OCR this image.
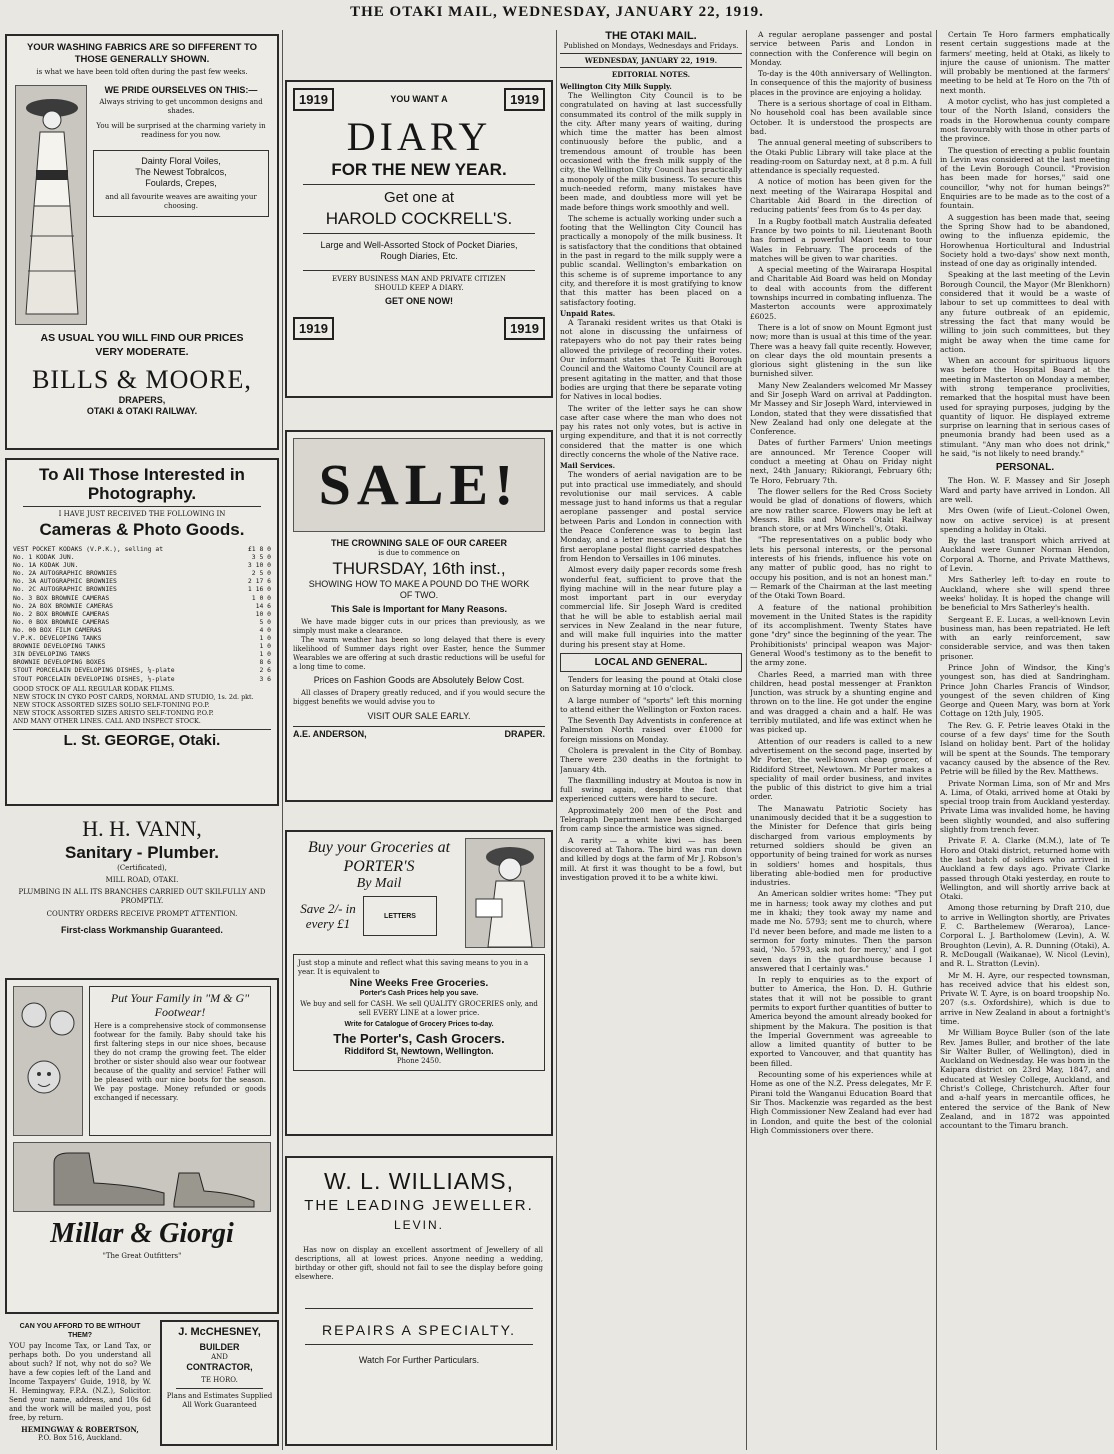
THE OTAKI MAIL, WEDNESDAY, JANUARY 22, 1919.
YOUR WASHING FABRICS ARE SO DIFFERENT TO THOSE GENERALLY SHOWN.
is what we have been told often during the past few weeks.
WE PRIDE OURSELVES ON THIS:—
Always striving to get uncommon designs and shades.
You will be surprised at the charming variety in readiness for you now.
Dainty Floral Voiles,
The Newest Tobralcos,
Foulards, Crepes,
and all favourite weaves are awaiting your choosing.
AS USUAL YOU WILL FIND OUR PRICES VERY MODERATE.
BILLS & MOORE,
DRAPERS,
OTAKI & OTAKI RAILWAY.
To All Those Interested in Photography.
I HAVE JUST RECEIVED THE FOLLOWING IN
Cameras & Photo Goods.
VEST POCKET KODAKS (V.P.K.), selling at	£1 8 0
No. 1 KODAK JUN.	3 5 0
No. 1A KODAK JUN.	3 10 0
No. 2A AUTOGRAPHIC BROWNIES	2 5 0
No. 3A AUTOGRAPHIC BROWNIES	2 17 6
No. 2C AUTOGRAPHIC BROWNIES	1 16 0
No. 3 BOX BROWNIE CAMERAS	1 0 0
No. 2A BOX BROWNIE CAMERAS	14 6
No. 2 BOX BROWNIE CAMERAS	10 0
No. 0 BOX BROWNIE CAMERAS	5 0
No. 00 BOX FILM CAMERAS	4 0
V.P.K. DEVELOPING TANKS	1 0
BROWNIE DEVELOPING TANKS	1 0
3IN DEVELOPING TANKS	1 0
BROWNIE DEVELOPING BOXES	8 6
STOUT PORCELAIN DEVELOPING DISHES, ¼-plate	2 6
STOUT PORCELAIN DEVELOPING DISHES, ½-plate	3 6
GOOD STOCK OF ALL REGULAR KODAK FILMS.
NEW STOCK IN CYKO POST CARDS, NORMAL AND STUDIO, 1s. 2d. pkt.
NEW STOCK ASSORTED SIZES SOLIO SELF-TONING P.O.P.
NEW STOCK ASSORTED SIZES ARISTO SELF-TONING P.O.P.
AND MANY OTHER LINES. CALL AND INSPECT STOCK.
L. St. GEORGE, Otaki.
H. H. VANN,
Sanitary - Plumber.
(Certificated),
MILL ROAD, OTAKI.
PLUMBING IN ALL ITS BRANCHES CARRIED OUT SKILFULLY AND PROMPTLY.
COUNTRY ORDERS RECEIVE PROMPT ATTENTION.
First-class Workmanship Guaranteed.
Put Your Family in "M & G" Footwear!
Here is a comprehensive stock of commonsense footwear for the family. Baby should take his first faltering steps in our nice shoes, because they do not cramp the growing feet. The elder brother or sister should also wear our footwear because of the quality and service! Father will be pleased with our nice boots for the season. We pay postage. Money refunded or goods exchanged if necessary.
Millar & Giorgi
"The Great Outfitters"
CAN YOU AFFORD TO BE WITHOUT THEM?
YOU pay Income Tax, or Land Tax, or perhaps both. Do you understand all about such? If not, why not do so? We have a few copies left of the Land and Income Taxpayers' Guide, 1918, by W. H. Hemingway, F.P.A. (N.Z.), Solicitor. Send your name, address, and 10s 6d and the work will be mailed you, post free, by return.
HEMINGWAY & ROBERTSON,
P.O. Box 516, Auckland.
J. McCHESNEY,
BUILDER
AND
CONTRACTOR,
TE HORO.
Plans and Estimates Supplied
All Work Guaranteed
1919	YOU WANT A	1919
DIARY
FOR THE NEW YEAR.
Get one at
HAROLD COCKRELL'S.
Large and Well-Assorted Stock of Pocket Diaries, Rough Diaries, Etc.
EVERY BUSINESS MAN AND PRIVATE CITIZEN SHOULD KEEP A DIARY.
GET ONE NOW!
1919	1919
SALE!
THE CROWNING SALE OF OUR CAREER
is due to commence on
THURSDAY, 16th inst.,
SHOWING HOW TO MAKE A POUND DO THE WORK OF TWO.
This Sale is Important for Many Reasons.
We have made bigger cuts in our prices than previously, as we simply must make a clearance.
The warm weather has been so long delayed that there is every likelihood of Summer days right over Easter, hence the Summer Wearables we are offering at such drastic reductions will be useful for a long time to come.
Prices on Fashion Goods are Absolutely Below Cost.
All classes of Drapery greatly reduced, and if you would secure the biggest benefits we would advise you to
VISIT OUR SALE EARLY.
A.E. ANDERSON,	DRAPER.
Buy your Groceries at PORTER'S
By Mail
Save 2/- in every £1	LETTERS
Just stop a minute and reflect what this saving means to you in a year. It is equivalent to
Nine Weeks Free Groceries.
Porter's Cash Prices help you save.
We buy and sell for CASH. We sell QUALITY GROCERIES only, and sell EVERY LINE at a lower price.
Write for Catalogue of Grocery Prices to-day.
The Porter's, Cash Grocers.
Riddiford St, Newtown, Wellington.
Phone 2450.
W. L. WILLIAMS,
THE LEADING JEWELLER.
LEVIN.
Has now on display an excellent assortment of Jewellery of all descriptions, all at lowest prices. Anyone needing a wedding, birthday or other gift, should not fail to see the display before going elsewhere.
REPAIRS A SPECIALTY.
Watch For Further Particulars.
THE OTAKI MAIL.
Published on Mondays, Wednesdays and Fridays.
WEDNESDAY, JANUARY 22, 1919.
EDITORIAL NOTES.
Wellington City Milk Supply.

The Wellington City Council is to be congratulated on having at last successfully consummated its control of the milk supply in the city. After many years of waiting, during which time the matter has been almost continuously before the public, and a tremendous amount of trouble has been occasioned with the fresh milk supply of the city, the Wellington City Council has practically a monopoly of the milk business. To secure this much-needed reform, many mistakes have been made, and doubtless more will yet be made before things work smoothly and well.

The scheme is actually working under such a footing that the Wellington City Council has practically a monopoly of the milk business. It is satisfactory that the conditions that obtained in the past in regard to the milk supply were a public scandal. Wellington's embarkation on this scheme is of supreme importance to any city, and therefore it is most gratifying to know that this matter has been placed on a satisfactory footing.

Unpaid Rates.

A Taranaki resident writes us that Otaki is not alone in discussing the unfairness of ratepayers who do not pay their rates being allowed the privilege of recording their votes. Our informant states that Te Kuiti Borough Council and the Waitomo County Council are at present agitating in the matter, and that those bodies are urging that there be separate voting for Natives in local bodies.

The writer of the letter says he can show case after case where the man who does not pay his rates not only votes, but is active in urging expenditure, and that it is not correctly considered that the matter is one which directly concerns the whole of the Native race.

Mail Services.

The wonders of aerial navigation are to be put into practical use immediately, and should revolutionise our mail services. A cable message just to hand informs us that a regular aeroplane passenger and postal service between Paris and London in connection with the Peace Conference was to begin last Monday, and a letter message states that the first aeroplane postal flight carried despatches from Hendon to Versailles in 106 minutes.

Almost every daily paper records some fresh wonderful feat, sufficient to prove that the flying machine will in the near future play a most important part in our everyday commercial life. Sir Joseph Ward is credited that he will be able to establish aerial mail services in New Zealand in the near future, and will make full inquiries into the matter during his present stay at Home.

LOCAL AND GENERAL.

Tenders for leasing the pound at Otaki close on Saturday morning at 10 o'clock.

A large number of "sports" left this morning to attend either the Wellington or Foxton races.

The Seventh Day Adventists in conference at Palmerston North raised over £1000 for foreign missions on Monday.

Cholera is prevalent in the City of Bombay. There were 230 deaths in the fortnight to January 4th.

The flaxmilling industry at Moutoa is now in full swing again, despite the fact that experienced cutters were hard to secure.

Approximately 200 men of the Post and Telegraph Department have been discharged from camp since the armistice was signed.

A rarity — a white kiwi — has been discovered at Tahora. The bird was run down and killed by dogs at the farm of Mr J. Robson's mill. At first it was thought to be a fowl, but investigation proved it to be a white kiwi.

A regular aeroplane passenger and postal service between Paris and London in connection with the Conference will begin on Monday.

To-day is the 40th anniversary of Wellington. In consequence of this the majority of business places in the province are enjoying a holiday.

There is a serious shortage of coal in Eltham. No household coal has been available since October. It is understood the prospects are bad.

The annual general meeting of subscribers to the Otaki Public Library will take place at the reading-room on Saturday next, at 8 p.m. A full attendance is specially requested.

A notice of motion has been given for the next meeting of the Wairarapa Hospital and Charitable Aid Board in the direction of reducing patients' fees from 6s to 4s per day.

In a Rugby football match Australia defeated France by two points to nil. Lieutenant Booth has formed a powerful Maori team to tour Wales in February. The proceeds of the matches will be given to war charities.

A special meeting of the Wairarapa Hospital and Charitable Aid Board was held on Monday to deal with accounts from the different townships incurred in combating influenza. The Masterton accounts were approximately £6025.

There is a lot of snow on Mount Egmont just now; more than is usual at this time of the year. There was a heavy fall quite recently. However, on clear days the old mountain presents a glorious sight glistening in the sun like burnished silver.

Many New Zealanders welcomed Mr Massey and Sir Joseph Ward on arrival at Paddington. Mr Massey and Sir Joseph Ward, interviewed in London, stated that they were dissatisfied that New Zealand had only one delegate at the Conference.

Dates of further Farmers' Union meetings are announced. Mr Terence Cooper will conduct a meeting at Ohau on Friday night next, 24th January; Rikiorangi, February 6th; Te Horo, February 7th.

The flower sellers for the Red Cross Society would be glad of donations of flowers, which are now rather scarce. Flowers may be left at Messrs. Bills and Moore's Otaki Railway branch store, or at Mrs Winchell's, Otaki.

"The representatives on a public body who lets his personal interests, or the personal interests of his friends, influence his vote on any matter of public good, has no right to occupy his position, and is not an honest man." — Remark of the Chairman at the last meeting of the Otaki Town Board.

A feature of the national prohibition movement in the United States is the rapidity of its accomplishment. Twenty States have gone "dry" since the beginning of the year. The Prohibitionists' principal weapon was Major-General Wood's testimony as to the benefit to the army zone.

Charles Reed, a married man with three children, head postal messenger at Frankton Junction, was struck by a shunting engine and thrown on to the line. He got under the engine and was dragged a chain and a half. He was terribly mutilated, and life was extinct when he was picked up.

Attention of our readers is called to a new advertisement on the second page, inserted by Mr Porter, the well-known cheap grocer, of Riddiford Street, Newtown. Mr Porter makes a speciality of mail order business, and invites the public of this district to give him a trial order.

The Manawatu Patriotic Society has unanimously decided that it be a suggestion to the Minister for Defence that girls being discharged from various employments by returned soldiers should be given an opportunity of being trained for work as nurses in soldiers' homes and hospitals, thus liberating able-bodied men for productive industries.

An American soldier writes home: "They put me in harness; took away my clothes and put me in khaki; they took away my name and made me No. 5793; sent me to church, where I'd never been before, and made me listen to a sermon for forty minutes. Then the parson said, 'No. 5793, ask not for mercy,' and I got seven days in the guardhouse because I answered that I certainly was."

In reply to enquiries as to the export of butter to America, the Hon. D. H. Guthrie states that it will not be possible to grant permits to export further quantities of butter to America beyond the amount already booked for shipment by the Makura. The position is that the Imperial Government was agreeable to allow a limited quantity of butter to be exported to Vancouver, and that quantity has been filled.

Recounting some of his experiences while at Home as one of the N.Z. Press delegates, Mr F. Pirani told the Wanganui Education Board that Sir Thos. Mackenzie was regarded as the best High Commissioner New Zealand had ever had in London, and quite the best of the colonial High Commissioners over there.

Certain Te Horo farmers emphatically resent certain suggestions made at the farmers' meeting, held at Otaki, as likely to injure the cause of unionism. The matter will probably be mentioned at the farmers' meeting to be held at Te Horo on the 7th of next month.

A motor cyclist, who has just completed a tour of the North Island, considers the roads in the Horowhenua county compare most favourably with those in other parts of the province.

The question of erecting a public fountain in Levin was considered at the last meeting of the Levin Borough Council. "Provision has been made for horses," said one councillor, "why not for human beings?" Enquiries are to be made as to the cost of a fountain.

A suggestion has been made that, seeing the Spring Show had to be abandoned, owing to the influenza epidemic, the Horowhenua Horticultural and Industrial Society hold a two-days' show next month, instead of one day as originally intended.

Speaking at the last meeting of the Levin Borough Council, the Mayor (Mr Blenkhorn) considered that it would be a waste of labour to set up committees to deal with any future outbreak of an epidemic, stressing the fact that many would be willing to join such committees, but they might be away when the time came for action.

When an account for spirituous liquors was before the Hospital Board at the meeting in Masterton on Monday a member, with strong temperance proclivities, remarked that the hospital must have been used for spraying purposes, judging by the quantity of liquor. He displayed extreme surprise on learning that in serious cases of pneumonia brandy had been used as a stimulant. "Any man who does not drink," he said, "is not likely to need brandy."

PERSONAL.

The Hon. W. F. Massey and Sir Joseph Ward and party have arrived in London. All are well.

Mrs Owen (wife of Lieut.-Colonel Owen, now on active service) is at present spending a holiday in Otaki.

By the last transport which arrived at Auckland were Gunner Norman Hendon, Corporal A. Thorne, and Private Matthews, of Levin.

Mrs Satherley left to-day en route to Auckland, where she will spend three weeks' holiday. It is hoped the change will be beneficial to Mrs Satherley's health.

Sergeant E. E. Lucas, a well-known Levin business man, has been repatriated. He left with an early reinforcement, saw considerable service, and was then taken prisoner.

Prince John of Windsor, the King's youngest son, has died at Sandringham. Prince John Charles Francis of Windsor, youngest of the seven children of King George and Queen Mary, was born at York Cottage on 12th July, 1905.

The Rev. G. F. Petrie leaves Otaki in the course of a few days' time for the South Island on holiday bent. Part of the holiday will be spent at the Sounds. The temporary vacancy caused by the absence of the Rev. Petrie will be filled by the Rev. Matthews.

Private Norman Lima, son of Mr and Mrs A. Lima, of Otaki, arrived home at Otaki by special troop train from Auckland yesterday. Private Lima was invalided home, he having been slightly wounded, and also suffering slightly from trench fever.

Private F. A. Clarke (M.M.), late of Te Horo and Otaki district, returned home with the last batch of soldiers who arrived in Auckland a few days ago. Private Clarke passed through Otaki yesterday, en route to Wellington, and will shortly arrive back at Otaki.

Among those returning by Draft 210, due to arrive in Wellington shortly, are Privates F. C. Barthelemew (Weraroa), Lance-Corporal L. J. Bartholomew (Levin), A. W. Broughton (Levin), A. R. Dunning (Otaki), A. R. McDougall (Waikanae), W. Nicol (Levin), and R. L. Stratton (Levin).

Mr M. H. Ayre, our respected townsman, has received advice that his eldest son, Private W. T. Ayre, is on board troopship No. 207 (s.s. Oxfordshire), which is due to arrive in New Zealand in about a fortnight's time.

Mr William Boyce Buller (son of the late Rev. James Buller, and brother of the late Sir Walter Buller, of Wellington), died in Auckland on Wednesday. He was born in the Kaipara district on 23rd May, 1847, and educated at Wesley College, Auckland, and Christ's College, Christchurch. After four and a-half years in mercantile offices, he entered the service of the Bank of New Zealand, and in 1872 was appointed accountant to the Timaru branch.
